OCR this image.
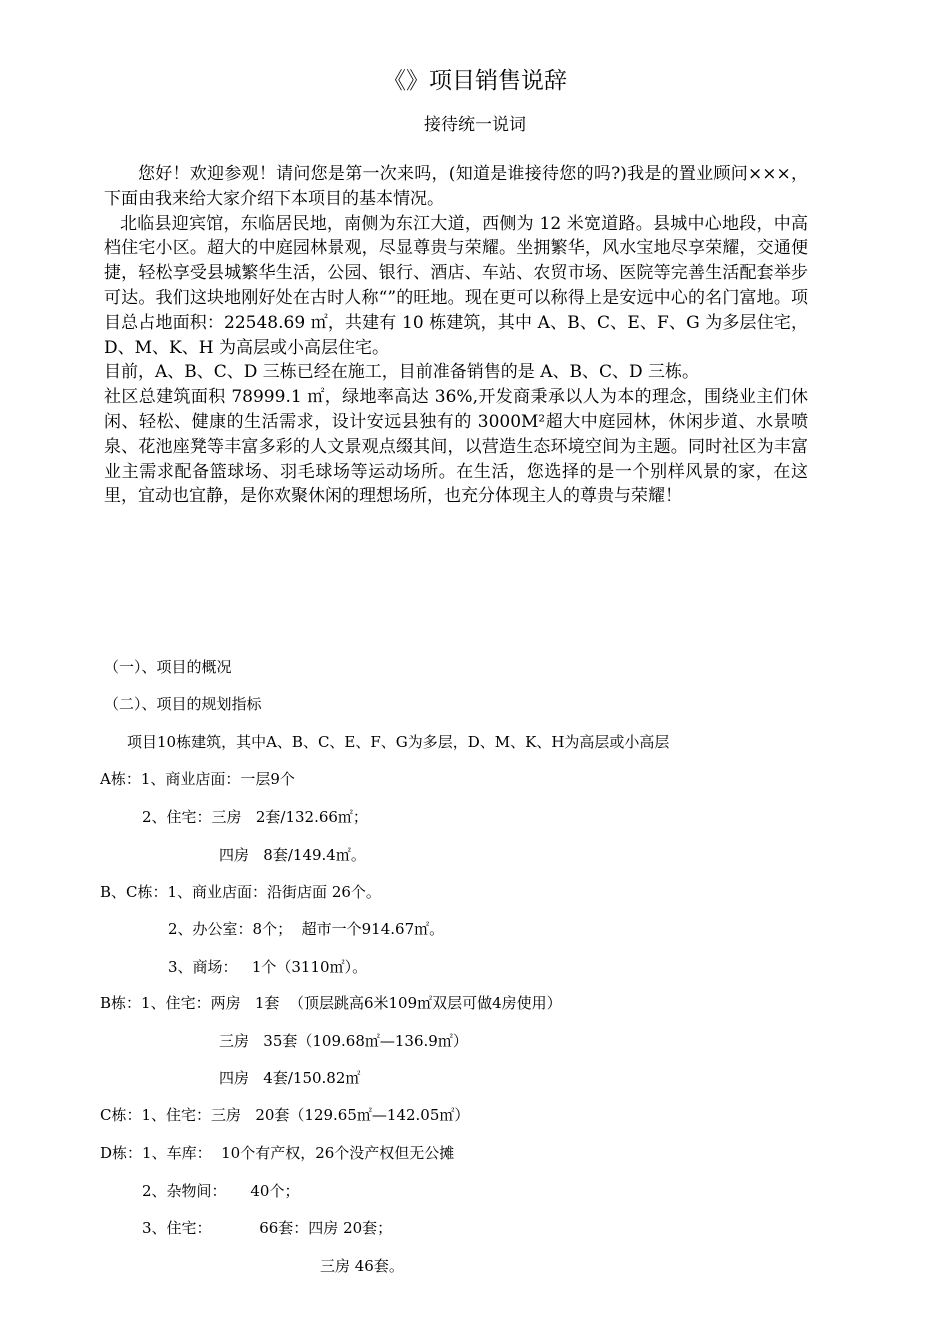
《》项目销售说辞
接待统一说词

您好！欢迎参观！请问您是第一次来吗，(知道是谁接待您的吗?)我是的置业顾问×××，下面由我来给大家介绍下本项目的基本情况。

北临县迎宾馆，东临居民地，南侧为东江大道，西侧为 12 米宽道路。县城中心地段，中高档住宅小区。超大的中庭园林景观，尽显尊贵与荣耀。坐拥繁华，风水宝地尽享荣耀，交通便捷，轻松享受县城繁华生活，公园、银行、酒店、车站、农贸市场、医院等完善生活配套举步可达。我们这块地刚好处在古时人称“”的旺地。现在更可以称得上是安远中心的名门富地。项目总占地面积：22548.69 ㎡，共建有 10 栋建筑，其中 A、B、C、E、F、G 为多层住宅，D、M、K、H 为高层或小高层住宅。

目前，A、B、C、D 三栋已经在施工，目前准备销售的是 A、B、C、D 三栋。

社区总建筑面积 78999.1 ㎡，绿地率高达 36%,开发商秉承以人为本的理念，围绕业主们休闲、轻松、健康的生活需求，设计安远县独有的 3000M²超大中庭园林，休闲步道、水景喷泉、花池座凳等丰富多彩的人文景观点缀其间，以营造生态环境空间为主题。同时社区为丰富业主需求配备篮球场、羽毛球场等运动场所。在生活，您选择的是一个别样风景的家，在这里，宜动也宜静，是你欢聚休闲的理想场所，也充分体现主人的尊贵与荣耀！

（一）、项目的概况
（二）、项目的规划指标
项目10栋建筑，其中A、B、C、E、F、G为多层，D、M、K、H为高层或小高层
A栋：1、商业店面：一层9个
2、住宅：三房   2套/132.66㎡；
四房   8套/149.4㎡。
B、C栋：1、商业店面：沿街店面 26个。
2、办公室：8个；  超市一个914.67㎡。
3、商场：   1个（3110㎡）。
B栋：1、住宅：两房   1套  （顶层跳高6米109㎡双层可做4房使用）
三房   35套（109.68㎡—136.9㎡）
四房   4套/150.82㎡
C栋：1、住宅：三房   20套（129.65㎡—142.05㎡）
D栋：1、车库：  10个有产权，26个没产权但无公摊
2、杂物间：     40个；
3、住宅：          66套：四房 20套；
三房 46套。
